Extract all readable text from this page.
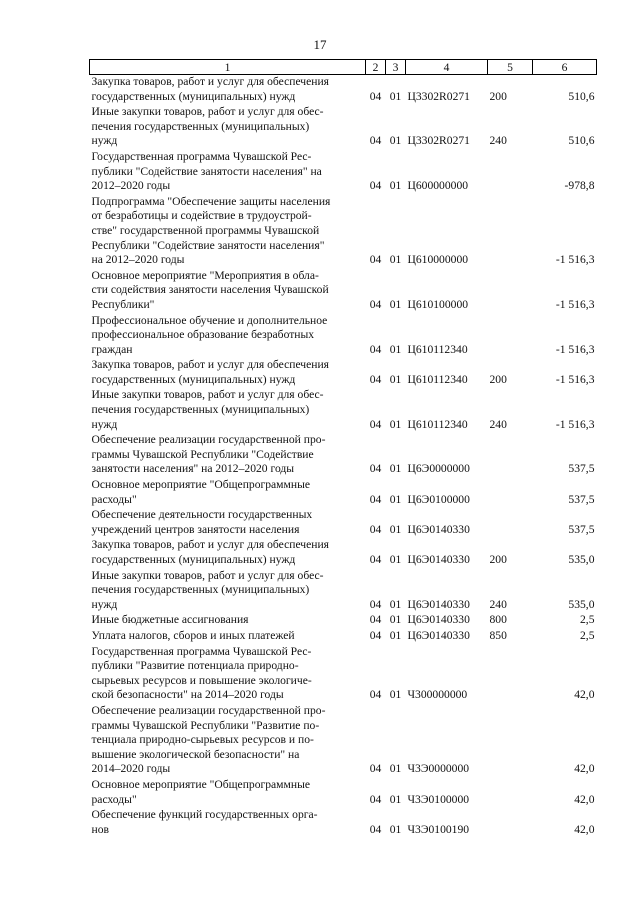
17
1	2	3	4	5	6

Закупка товаров, работ и услуг для обеспечения
государственных (муниципальных) нужд	04	01	Ц3302R0271	200	510,6

Иные закупки товаров, работ и услуг для обес-
печения государственных (муниципальных)
нужд	04	01	Ц3302R0271	240	510,6

Государственная программа Чувашской Рес-
публики "Содействие занятости населения" на
2012–2020 годы	04	01	Ц600000000		-978,8

Подпрограмма "Обеспечение защиты населения
от безработицы и содействие в трудоустрой-
стве" государственной программы Чувашской
Республики "Содействие занятости населения"
на 2012–2020 годы	04	01	Ц610000000		-1 516,3

Основное мероприятие "Мероприятия в обла-
сти содействия занятости населения Чувашской
Республики"	04	01	Ц610100000		-1 516,3

Профессиональное обучение и дополнительное
профессиональное образование безработных
граждан	04	01	Ц610112340		-1 516,3

Закупка товаров, работ и услуг для обеспечения
государственных (муниципальных) нужд	04	01	Ц610112340	200	-1 516,3

Иные закупки товаров, работ и услуг для обес-
печения государственных (муниципальных)
нужд	04	01	Ц610112340	240	-1 516,3

Обеспечение реализации государственной про-
граммы Чувашской Республики "Содействие
занятости населения" на 2012–2020 годы	04	01	Ц6Э0000000		537,5

Основное мероприятие "Общепрограммные
расходы"	04	01	Ц6Э0100000		537,5

Обеспечение деятельности государственных
учреждений центров занятости населения	04	01	Ц6Э0140330		537,5

Закупка товаров, работ и услуг для обеспечения
государственных (муниципальных) нужд	04	01	Ц6Э0140330	200	535,0

Иные закупки товаров, работ и услуг для обес-
печения государственных (муниципальных)
нужд	04	01	Ц6Э0140330	240	535,0

Иные бюджетные ассигнования	04	01	Ц6Э0140330	800	2,5

Уплата налогов, сборов и иных платежей	04	01	Ц6Э0140330	850	2,5

Государственная программа Чувашской Рес-
публики "Развитие потенциала природно-
сырьевых ресурсов и повышение экологиче-
ской безопасности" на 2014–2020 годы	04	01	Ч300000000		42,0

Обеспечение реализации государственной про-
граммы Чувашской Республики "Развитие по-
тенциала природно-сырьевых ресурсов и по-
вышение экологической безопасности" на
2014–2020 годы	04	01	Ч3Э0000000		42,0

Основное мероприятие "Общепрограммные
расходы"	04	01	Ч3Э0100000		42,0

Обеспечение функций государственных орга-
нов	04	01	Ч3Э0100190		42,0
